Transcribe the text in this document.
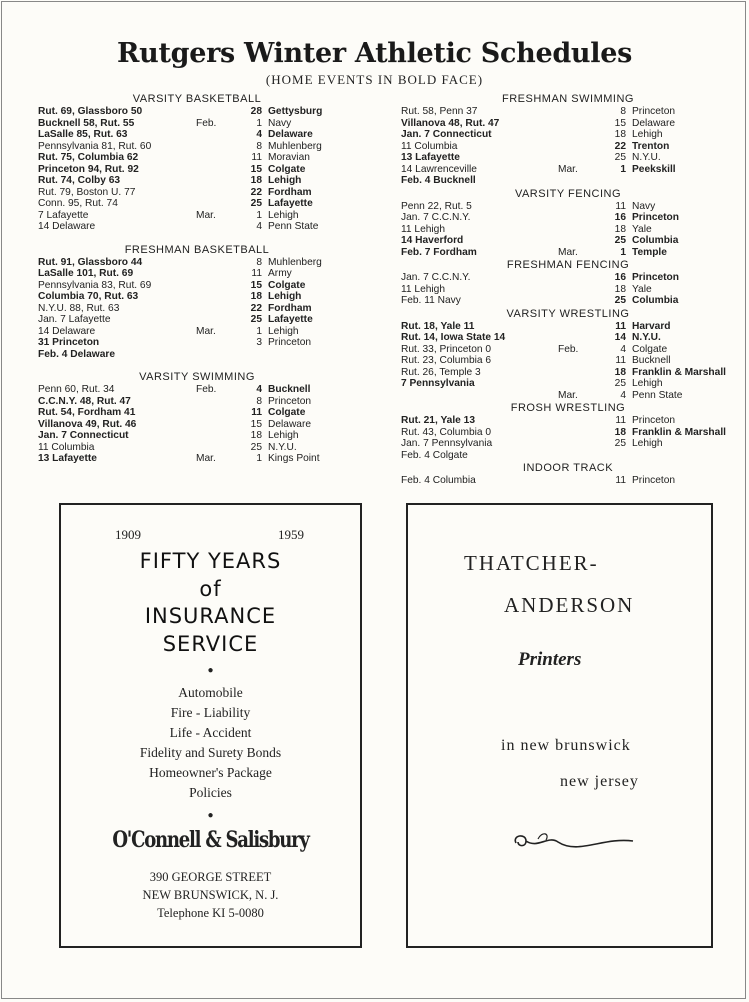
Rutgers Winter Athletic Schedules
(HOME EVENTS IN BOLD FACE)
VARSITY BASKETBALL
Rut. 69, Glassboro 50	28 Gettysburg
Bucknell 58, Rut. 55	Feb.	1 Navy
LaSalle 85, Rut. 63	4 Delaware
Pennsylvania 81, Rut. 60	8 Muhlenberg
Rut. 75, Columbia 62	11 Moravian
Princeton 94, Rut. 92	15 Colgate
Rut. 74, Colby 63	18 Lehigh
Rut. 79, Boston U. 77	22 Fordham
Conn. 95, Rut. 74	25 Lafayette
7 Lafayette	Mar.	1 Lehigh
14 Delaware	4 Penn State
FRESHMAN BASKETBALL
Rut. 91, Glassboro 44	8 Muhlenberg
LaSalle 101, Rut. 69	11 Army
Pennsylvania 83, Rut. 69	15 Colgate
Columbia 70, Rut. 63	18 Lehigh
N.Y.U. 88, Rut. 63	22 Fordham
Jan. 7 Lafayette	25 Lafayette
14 Delaware	Mar.	1 Lehigh
31 Princeton	3 Princeton
Feb. 4 Delaware
VARSITY SWIMMING
Penn 60, Rut. 34	Feb.	4 Bucknell
C.C.N.Y. 48, Rut. 47	8 Princeton
Rut. 54, Fordham 41	11 Colgate
Villanova 49, Rut. 46	15 Delaware
Jan. 7 Connecticut	18 Lehigh
11 Columbia	25 N.Y.U.
13 Lafayette	Mar.	1 Kings Point
FRESHMAN SWIMMING
Rut. 58, Penn 37	8 Princeton
Villanova 48, Rut. 47	15 Delaware
Jan. 7 Connecticut	18 Lehigh
11 Columbia	22 Trenton
13 Lafayette	25 N.Y.U.
14 Lawrenceville	Mar.	1 Peekskill
Feb. 4 Bucknell
VARSITY FENCING
Penn 22, Rut. 5	11 Navy
Jan. 7 C.C.N.Y.	16 Princeton
11 Lehigh	18 Yale
14 Haverford	25 Columbia
Feb. 7 Fordham	Mar.	1 Temple
FRESHMAN FENCING
Jan. 7 C.C.N.Y.	16 Princeton
11 Lehigh	18 Yale
Feb. 11 Navy	25 Columbia
VARSITY WRESTLING
Rut. 18, Yale 11	11 Harvard
Rut. 14, Iowa State 14	14 N.Y.U.
Rut. 33, Princeton 0	Feb.	4 Colgate
Rut. 23, Columbia 6	11 Bucknell
Rut. 26, Temple 3	18 Franklin & Marshall
7 Pennsylvania	25 Lehigh
Mar.	4 Penn State
FROSH WRESTLING
Rut. 21, Yale 13	11 Princeton
Rut. 43, Columbia 0	18 Franklin & Marshall
Jan. 7 Pennsylvania	25 Lehigh
Feb. 4 Colgate
INDOOR TRACK
Feb. 4 Columbia	11 Princeton
1909	1959
FIFTY YEARS
of
INSURANCE
SERVICE
●
Automobile
Fire - Liability
Life - Accident
Fidelity and Surety Bonds
Homeowner's Package
Policies
●
O'Connell & Salisbury
390 GEORGE STREET
NEW BRUNSWICK, N. J.
Telephone KI 5-0080
THATCHER-
ANDERSON
Printers
in new brunswick
new jersey
